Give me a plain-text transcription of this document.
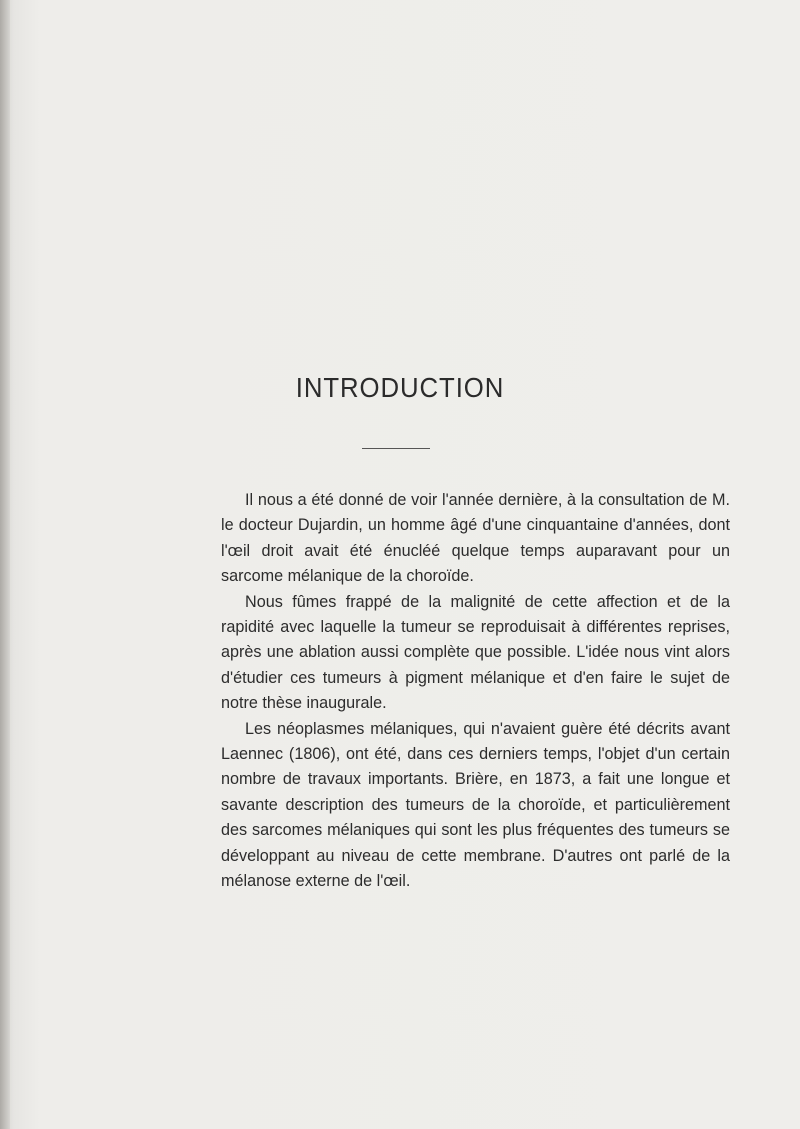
INTRODUCTION

Il nous a été donné de voir l'année dernière, à la consultation de M. le docteur Dujardin, un homme âgé d'une cinquantaine d'années, dont l'œil droit avait été énucléé quelque temps auparavant pour un sarcome mélanique de la choroïde.

Nous fûmes frappé de la malignité de cette affection et de la rapidité avec laquelle la tumeur se reproduisait à différentes reprises, après une ablation aussi complète que possible. L'idée nous vint alors d'étudier ces tumeurs à pigment mélanique et d'en faire le sujet de notre thèse inaugurale.

Les néoplasmes mélaniques, qui n'avaient guère été décrits avant Laennec (1806), ont été, dans ces derniers temps, l'objet d'un certain nombre de travaux importants. Brière, en 1873, a fait une longue et savante description des tumeurs de la choroïde, et particulièrement des sarcomes mélaniques qui sont les plus fréquentes des tumeurs se développant au niveau de cette membrane. D'autres ont parlé de la mélanose externe de l'œil.
